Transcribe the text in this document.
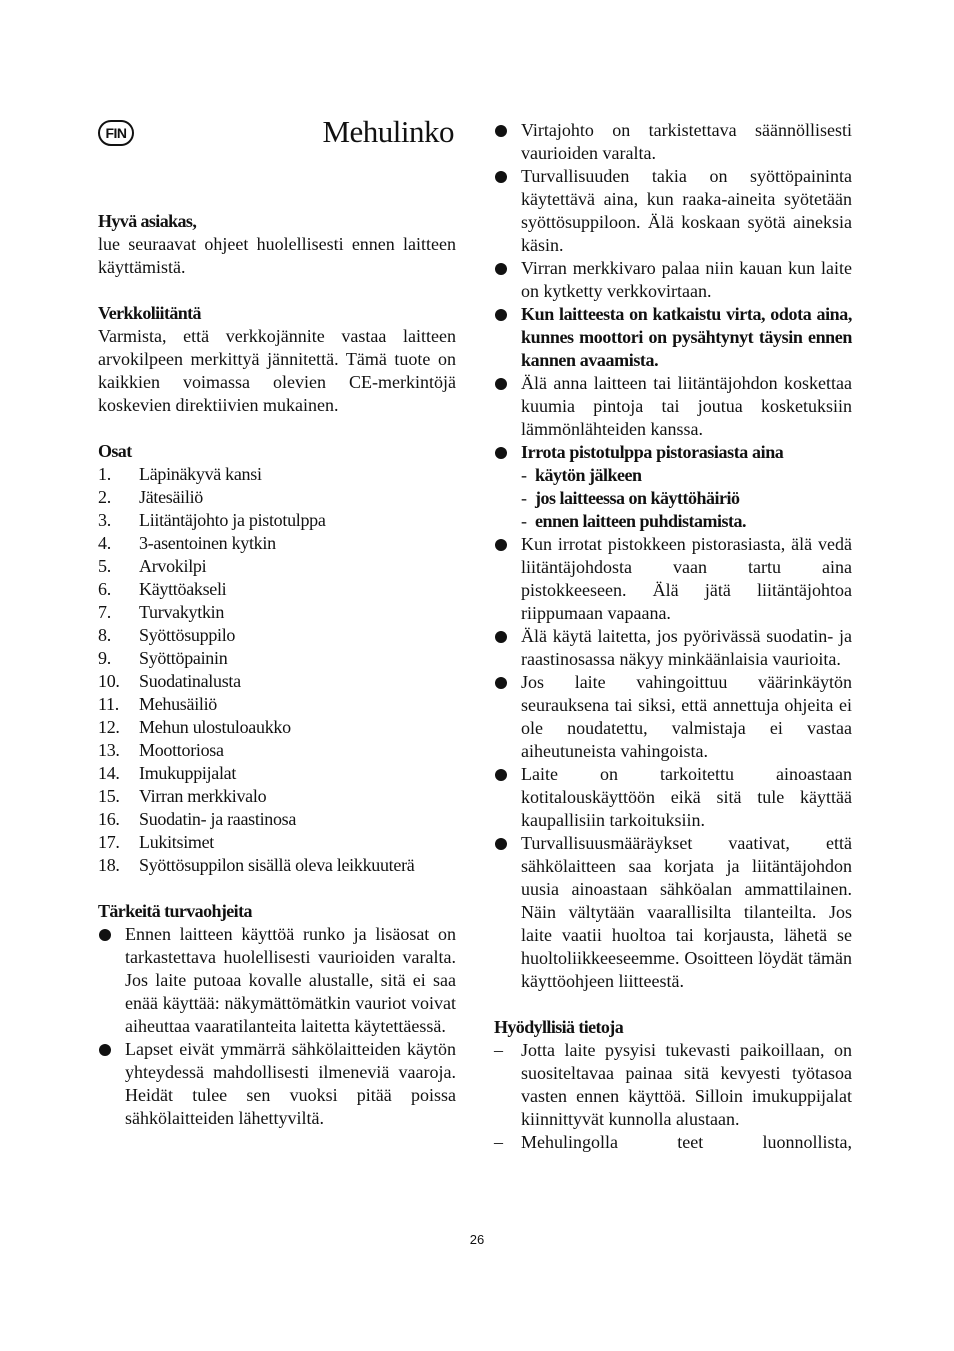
FIN	Mehulinko
Hyvä asiakas,
lue seuraavat ohjeet huolellisesti ennen laitteen käyttämistä.
Verkkoliitäntä
Varmista, että verkkojännite vastaa laitteen arvokilpeen merkittyä jännitettä. Tämä tuote on kaikkien voimassa olevien CE-merkintöjä koskevien direktiivien mukainen.
Osat
1.	Läpinäkyvä kansi
2.	Jätesäiliö
3.	Liitäntäjohto ja pistotulppa
4.	3-asentoinen kytkin
5.	Arvokilpi
6.	Käyttöakseli
7.	Turvakytkin
8.	Syöttösuppilo
9.	Syöttöpainin
10.	Suodatinalusta
11.	Mehusäiliö
12.	Mehun ulostuloaukko
13.	Moottoriosa
14.	Imukuppijalat
15.	Virran merkkivalo
16.	Suodatin- ja raastinosa
17.	Lukitsimet
18.	Syöttösuppilon sisällä oleva leikkuuterä
Tärkeitä turvaohjeita
Ennen laitteen käyttöä runko ja lisäosat on tarkastettava huolellisesti vaurioiden varalta. Jos laite putoaa kovalle alustalle, sitä ei saa enää käyttää: näkymättömätkin vauriot voivat aiheuttaa vaaratilanteita laitetta käytettäessä.
Lapset eivät ymmärrä sähkölaitteiden käytön yhteydessä mahdollisesti ilmeneviä vaaroja. Heidät tulee sen vuoksi pitää poissa sähkölaitteiden lähettyviltä.
Virtajohto on tarkistettava säännöllisesti vaurioiden varalta.
Turvallisuuden takia on syöttöpaininta käytettävä aina, kun raaka-aineita syötetään syöttösuppiloon. Älä koskaan syötä aineksia käsin.
Virran merkkivaro palaa niin kauan kun laite on kytketty verkkovirtaan.
Kun laitteesta on katkaistu virta, odota aina, kunnes moottori on pysähtynyt täysin ennen kannen avaamista.
Älä anna laitteen tai liitäntäjohdon koskettaa kuumia pintoja tai joutua kosketuksiin lämmönlähteiden kanssa.
Irrota pistotulppa pistorasiasta aina
- käytön jälkeen
- jos laitteessa on käyttöhäiriö
- ennen laitteen puhdistamista.
Kun irrotat pistokkeen pistorasiasta, älä vedä liitäntäjohdosta vaan tartu aina pistokkeeseen. Älä jätä liitäntäjohtoa riippumaan vapaana.
Älä käytä laitetta, jos pyörivässä suodatin- ja raastinosassa näkyy minkäänlaisia vaurioita.
Jos laite vahingoittuu väärinkäytön seurauksena tai siksi, että annettuja ohjeita ei ole noudatettu, valmistaja ei vastaa aiheutuneista vahingoista.
Laite on tarkoitettu ainoastaan kotitalouskäyttöön eikä sitä tule käyttää kaupallisiin tarkoituksiin.
Turvallisuusmääräykset vaativat, että sähkölaitteen saa korjata ja liitäntäjohdon uusia ainoastaan sähköalan ammattilainen. Näin vältytään vaarallisilta tilanteilta. Jos laite vaatii huoltoa tai korjausta, lähetä se huoltoliikkeeseemme. Osoitteen löydät tämän käyttöohjeen liitteestä.
Hyödyllisiä tietoja
–	Jotta laite pysyisi tukevasti paikoillaan, on suositeltavaa painaa sitä kevyesti työtasoa vasten ennen käyttöä. Silloin imukuppijalat kiinnittyvät kunnolla alustaan.
–	Mehulingolla teet luonnollista,
26
